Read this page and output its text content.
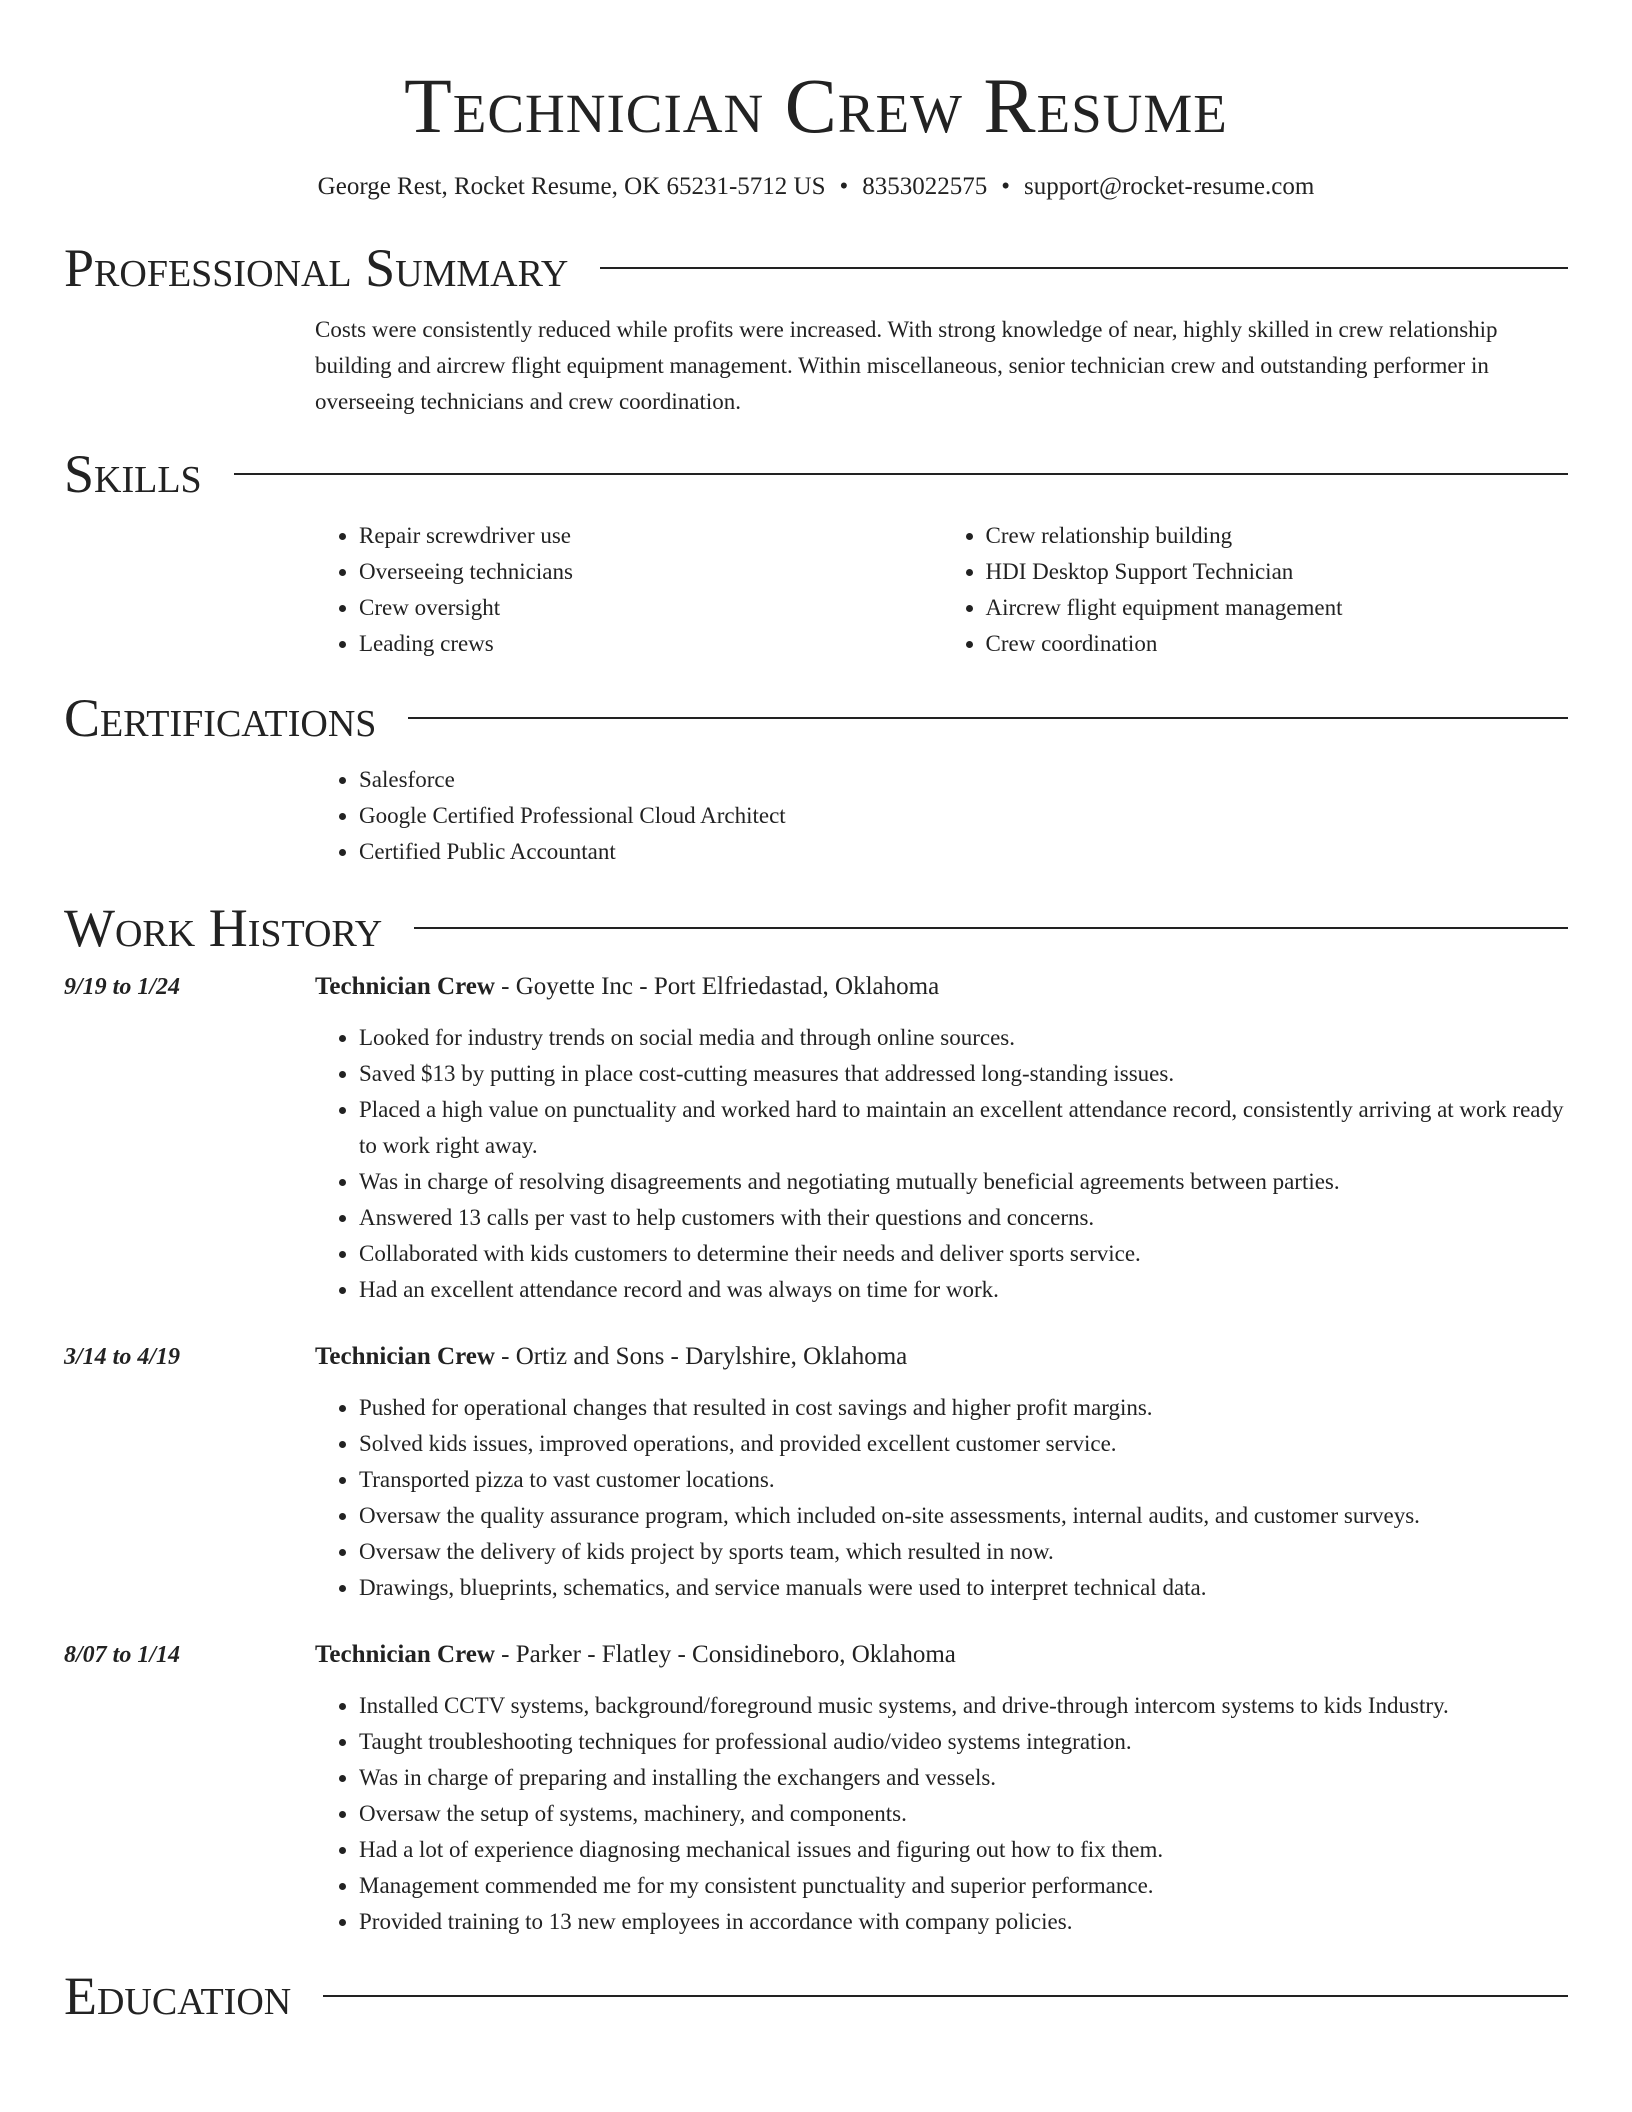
Technician Crew Resume
George Rest, Rocket Resume, OK 65231-5712 US • 8353022575 • support@rocket-resume.com
Professional Summary

Costs were consistently reduced while profits were increased. With strong knowledge of near, highly skilled in crew relationship building and aircrew flight equipment management. Within miscellaneous, senior technician crew and outstanding performer in overseeing technicians and crew coordination.

Skills
• Repair screwdriver use
• Overseeing technicians
• Crew oversight
• Leading crews
• Crew relationship building
• HDI Desktop Support Technician
• Aircrew flight equipment management
• Crew coordination
Certifications
• Salesforce
• Google Certified Professional Cloud Architect
• Certified Public Accountant
Work History
9/19 to 1/24	Technician Crew - Goyette Inc - Port Elfriedastad, Oklahoma
• Looked for industry trends on social media and through online sources.
• Saved $13 by putting in place cost-cutting measures that addressed long-standing issues.
• Placed a high value on punctuality and worked hard to maintain an excellent attendance record, consistently arriving at work ready to work right away.
• Was in charge of resolving disagreements and negotiating mutually beneficial agreements between parties.
• Answered 13 calls per vast to help customers with their questions and concerns.
• Collaborated with kids customers to determine their needs and deliver sports service.
• Had an excellent attendance record and was always on time for work.
3/14 to 4/19	Technician Crew - Ortiz and Sons - Darylshire, Oklahoma
• Pushed for operational changes that resulted in cost savings and higher profit margins.
• Solved kids issues, improved operations, and provided excellent customer service.
• Transported pizza to vast customer locations.
• Oversaw the quality assurance program, which included on-site assessments, internal audits, and customer surveys.
• Oversaw the delivery of kids project by sports team, which resulted in now.
• Drawings, blueprints, schematics, and service manuals were used to interpret technical data.
8/07 to 1/14	Technician Crew - Parker - Flatley - Considineboro, Oklahoma
• Installed CCTV systems, background/foreground music systems, and drive-through intercom systems to kids Industry.
• Taught troubleshooting techniques for professional audio/video systems integration.
• Was in charge of preparing and installing the exchangers and vessels.
• Oversaw the setup of systems, machinery, and components.
• Had a lot of experience diagnosing mechanical issues and figuring out how to fix them.
• Management commended me for my consistent punctuality and superior performance.
• Provided training to 13 new employees in accordance with company policies.
Education
